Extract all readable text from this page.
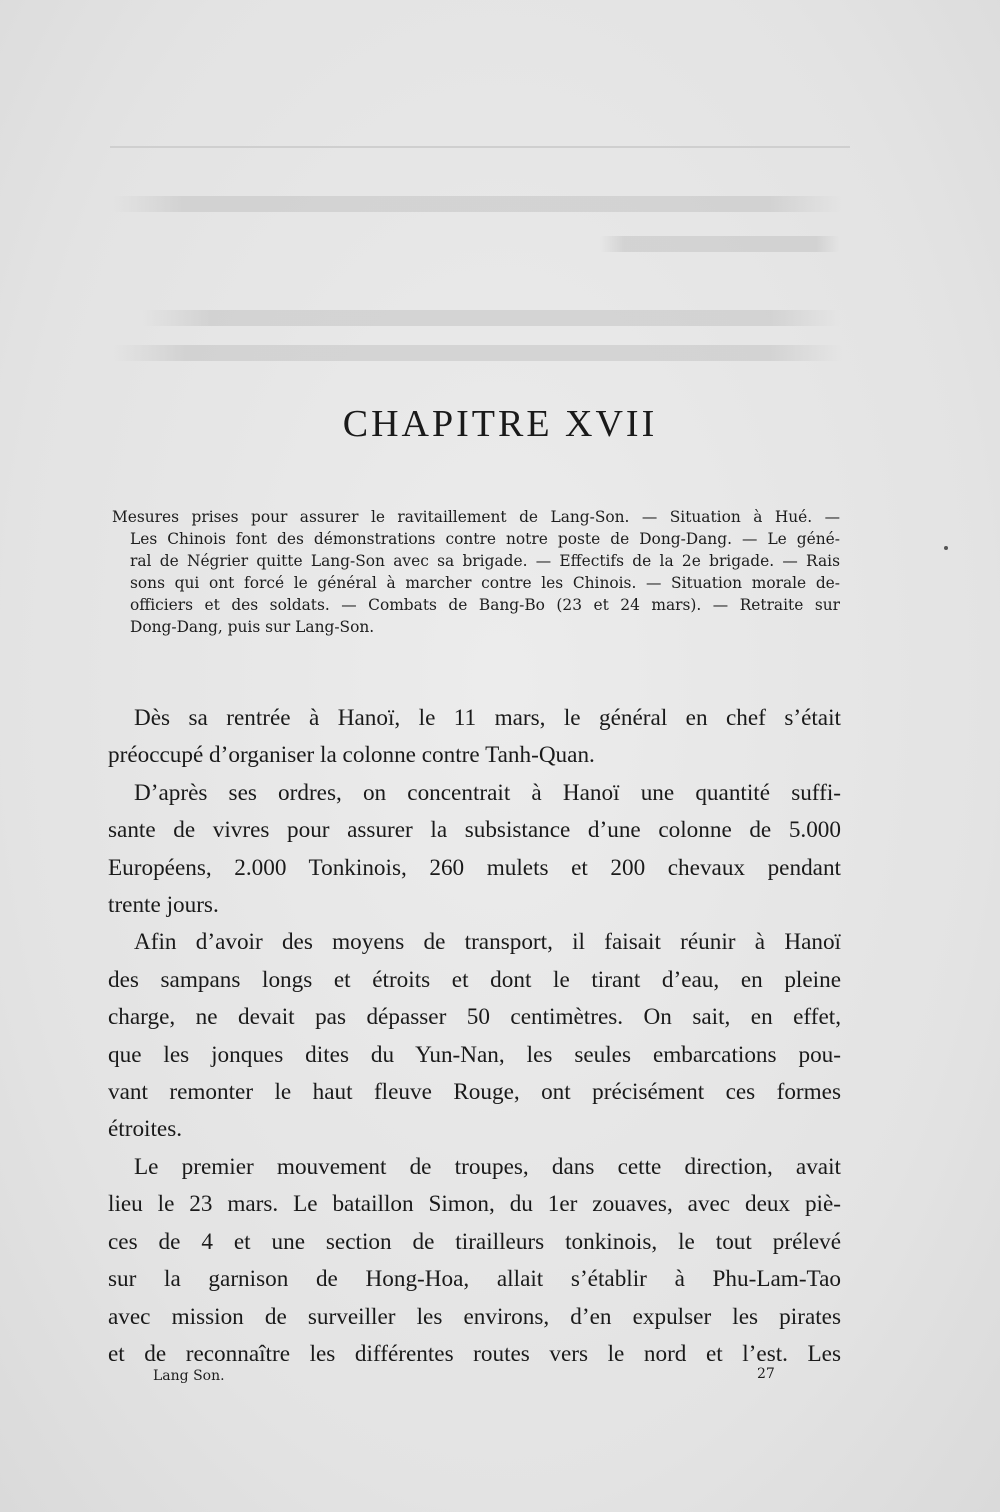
CHAPITRE XVII
Mesures prises pour assurer le ravitaillement de Lang-Son. — Situation à Hué. —
Les Chinois font des démonstrations contre notre poste de Dong-Dang. — Le géné-
ral de Négrier quitte Lang-Son avec sa brigade. — Effectifs de la 2e brigade. — Rais
sons qui ont forcé le général à marcher contre les Chinois. — Situation morale de-
officiers et des soldats. — Combats de Bang-Bo (23 et 24 mars). — Retraite sur
Dong-Dang, puis sur Lang-Son.
Dès sa rentrée à Hanoï, le 11 mars, le général en chef s’était
préoccupé d’organiser la colonne contre Tanh-Quan.
D’après ses ordres, on concentrait à Hanoï une quantité suffi-
sante de vivres pour assurer la subsistance d’une colonne de 5.000
Européens, 2.000 Tonkinois, 260 mulets et 200 chevaux pendant
trente jours.
Afin d’avoir des moyens de transport, il faisait réunir à Hanoï
des sampans longs et étroits et dont le tirant d’eau, en pleine
charge, ne devait pas dépasser 50 centimètres. On sait, en effet,
que les jonques dites du Yun-Nan, les seules embarcations pou-
vant remonter le haut fleuve Rouge, ont précisément ces formes
étroites.
Le premier mouvement de troupes, dans cette direction, avait
lieu le 23 mars. Le bataillon Simon, du 1er zouaves, avec deux piè-
ces de 4 et une section de tirailleurs tonkinois, le tout prélevé
sur la garnison de Hong-Hoa, allait s’établir à Phu-Lam-Tao
avec mission de surveiller les environs, d’en expulser les pirates
et de reconnaître les différentes routes vers le nord et l’est. Les
Lang Son.	27
